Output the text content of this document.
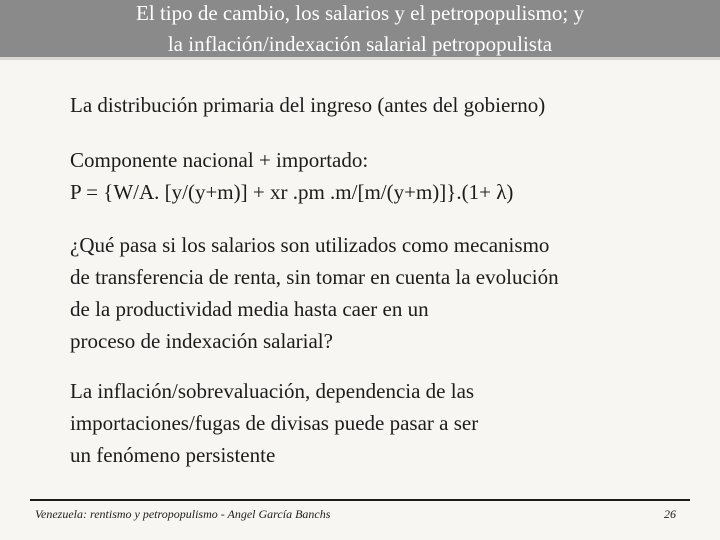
El tipo de cambio, los salarios y el petropopulismo; y
la inflación/indexación salarial petropopulista

La distribución primaria del ingreso (antes del gobierno)

Componente nacional + importado:
P = {W/A. [y/(y+m)] + xr .pm .m/[m/(y+m)]}.(1+ λ)

¿Qué pasa si los salarios son utilizados como mecanismo
de transferencia de renta, sin tomar en cuenta la evolución
de la productividad media hasta caer en un
proceso de indexación salarial?

La inflación/sobrevaluación, dependencia de las
importaciones/fugas de divisas puede pasar a ser
un fenómeno persistente

Venezuela: rentismo y petropopulismo - Angel García Banchs	26
